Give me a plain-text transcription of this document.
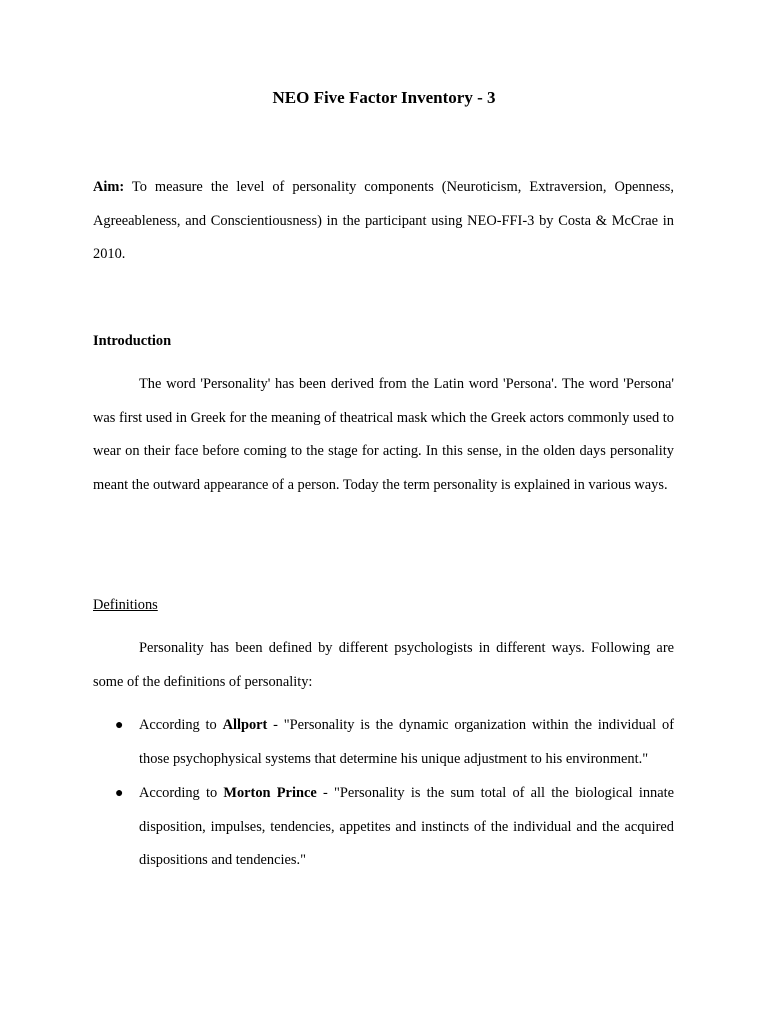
NEO Five Factor Inventory - 3
Aim: To measure the level of personality components (Neuroticism, Extraversion, Openness, Agreeableness, and Conscientiousness) in the participant using NEO-FFI-3 by Costa & McCrae in 2010.
Introduction
The word 'Personality' has been derived from the Latin word 'Persona'. The word 'Persona' was first used in Greek for the meaning of theatrical mask which the Greek actors commonly used to wear on their face before coming to the stage for acting. In this sense, in the olden days personality meant the outward appearance of a person. Today the term personality is explained in various ways.
Definitions
Personality has been defined by different psychologists in different ways. Following are some of the definitions of personality:
● According to Allport - "Personality is the dynamic organization within the individual of those psychophysical systems that determine his unique adjustment to his environment."
● According to Morton Prince - "Personality is the sum total of all the biological innate disposition, impulses, tendencies, appetites and instincts of the individual and the acquired dispositions and tendencies."
